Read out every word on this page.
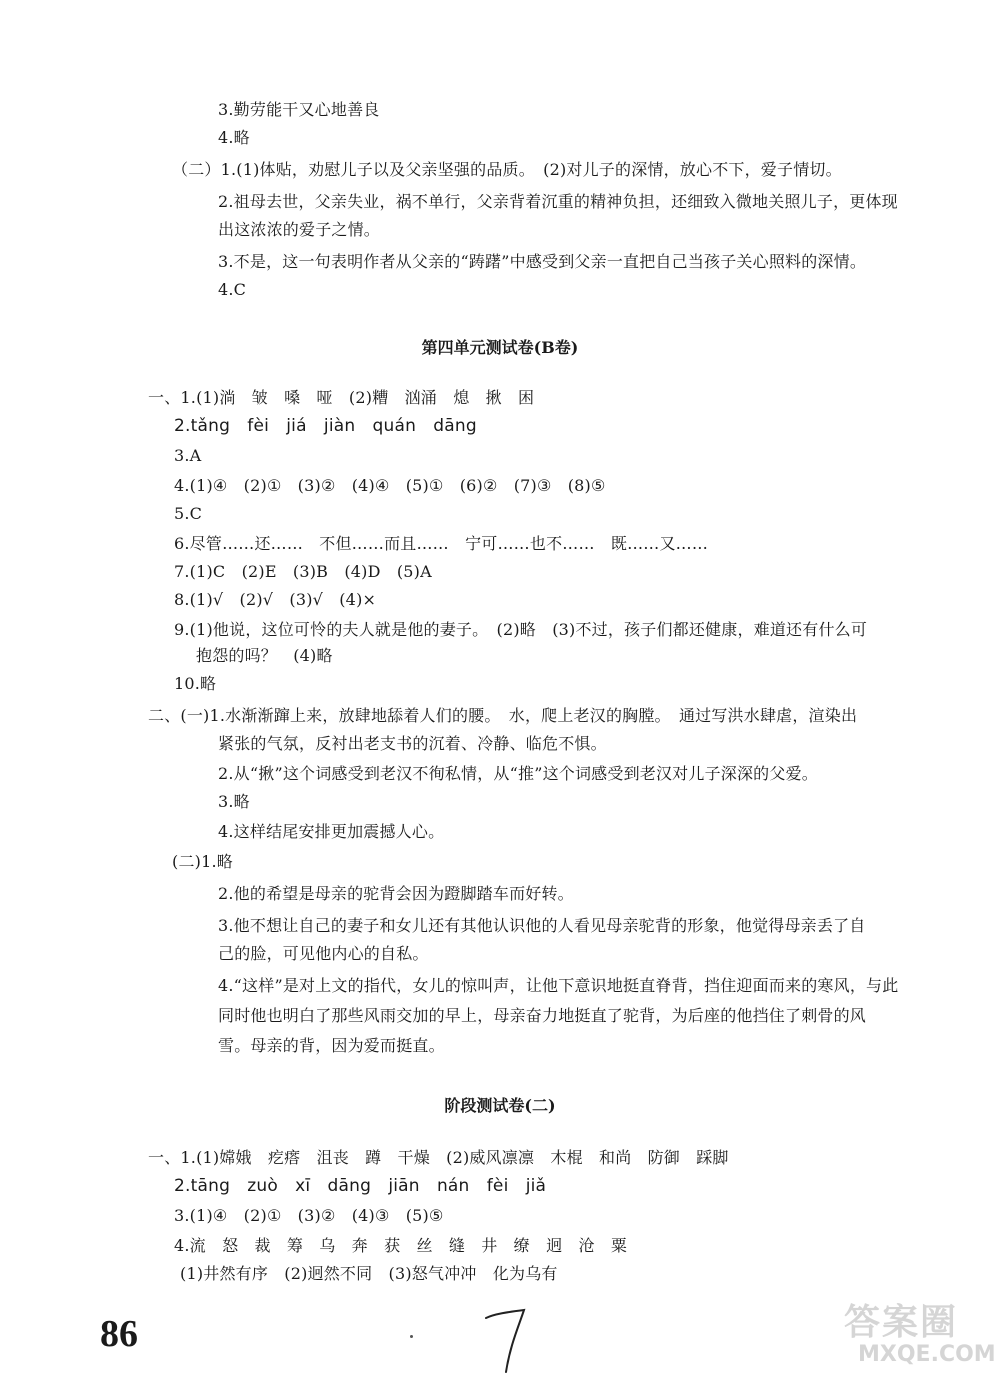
3.勤劳能干又心地善良
4.略
（二）1.(1)体贴，劝慰儿子以及父亲坚强的品质。　(2)对儿子的深情，放心不下，爱子情切。
2.祖母去世，父亲失业，祸不单行，父亲背着沉重的精神负担，还细致入微地关照儿子，更体现
出这浓浓的爱子之情。
3.不是，这一句表明作者从父亲的“踌躇”中感受到父亲一直把自己当孩子关心照料的深情。
4.C
第四单元测试卷(B卷)
一、1.(1)淌　皱　嗓　哑　(2)糟　汹涌　熄　揪　困
2.tǎng　fèi　jiá　jiàn　quán　dāng
3.A
4.(1)④　(2)①　(3)②　(4)④　(5)①　(6)②　(7)③　(8)⑤
5.C
6.尽管……还……　不但……而且……　宁可……也不……　既……又……
7.(1)C　(2)E　(3)B　(4)D　(5)A
8.(1)√　(2)√　(3)√　(4)×
9.(1)他说，这位可怜的夫人就是他的妻子。　(2)略　(3)不过，孩子们都还健康，难道还有什么可
抱怨的吗？　(4)略
10.略
二、(一)1.水渐渐蹿上来，放肆地舔着人们的腰。　水，爬上老汉的胸膛。　通过写洪水肆虐，渲染出
紧张的气氛，反衬出老支书的沉着、冷静、临危不惧。
2.从“揪”这个词感受到老汉不徇私情，从“推”这个词感受到老汉对儿子深深的父爱。
3.略
4.这样结尾安排更加震撼人心。
(二)1.略
2.他的希望是母亲的驼背会因为蹬脚踏车而好转。
3.他不想让自己的妻子和女儿还有其他认识他的人看见母亲驼背的形象，他觉得母亲丢了自
己的脸，可见他内心的自私。
4.“这样”是对上文的指代，女儿的惊叫声，让他下意识地挺直脊背，挡住迎面而来的寒风，与此
同时他也明白了那些风雨交加的早上，母亲奋力地挺直了驼背，为后座的他挡住了刺骨的风
雪。母亲的背，因为爱而挺直。
阶段测试卷(二)
一、1.(1)嫦娥　疙瘩　沮丧　蹲　干燥　(2)威风凛凛　木棍　和尚　防御　踩脚
2.tāng　zuò　xī　dāng　jiān　nán　fèi　jiǎ
3.(1)④　(2)①　(3)②　(4)③　(5)⑤
4.流　怒　裁　筹　乌　奔　获　丝　缝　井　缭　迥　沧　粟
(1)井然有序　(2)迥然不同　(3)怒气冲冲　化为乌有
86	答案圈
MXQE.COM
